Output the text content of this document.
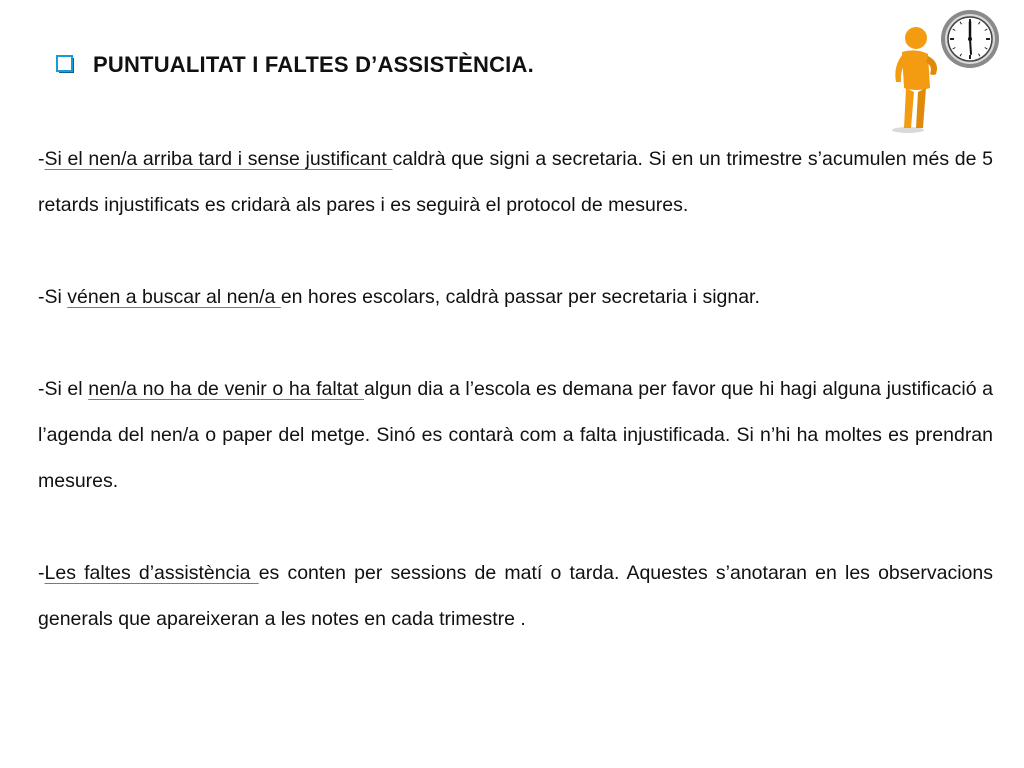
PUNTUALITAT I FALTES D’ASSISTÈNCIA.

-Si el nen/a arriba tard i sense justificant caldrà que signi a secretaria. Si en un trimestre s’acumulen més de 5 retards injustificats es cridarà als pares i es seguirà el protocol de mesures.

-Si vénen a buscar al nen/a en hores escolars, caldrà passar per secretaria i signar.

-Si el nen/a no ha de venir o ha faltat algun dia a l’escola es demana per favor que hi hagi alguna justificació a l’agenda del nen/a o paper del metge. Sinó es contarà com a falta injustificada. Si n’hi ha moltes es prendran mesures.

-Les faltes d’assistència es conten per sessions de matí o tarda. Aquestes s’anotaran en les observacions generals que apareixeran a les notes en cada trimestre .
